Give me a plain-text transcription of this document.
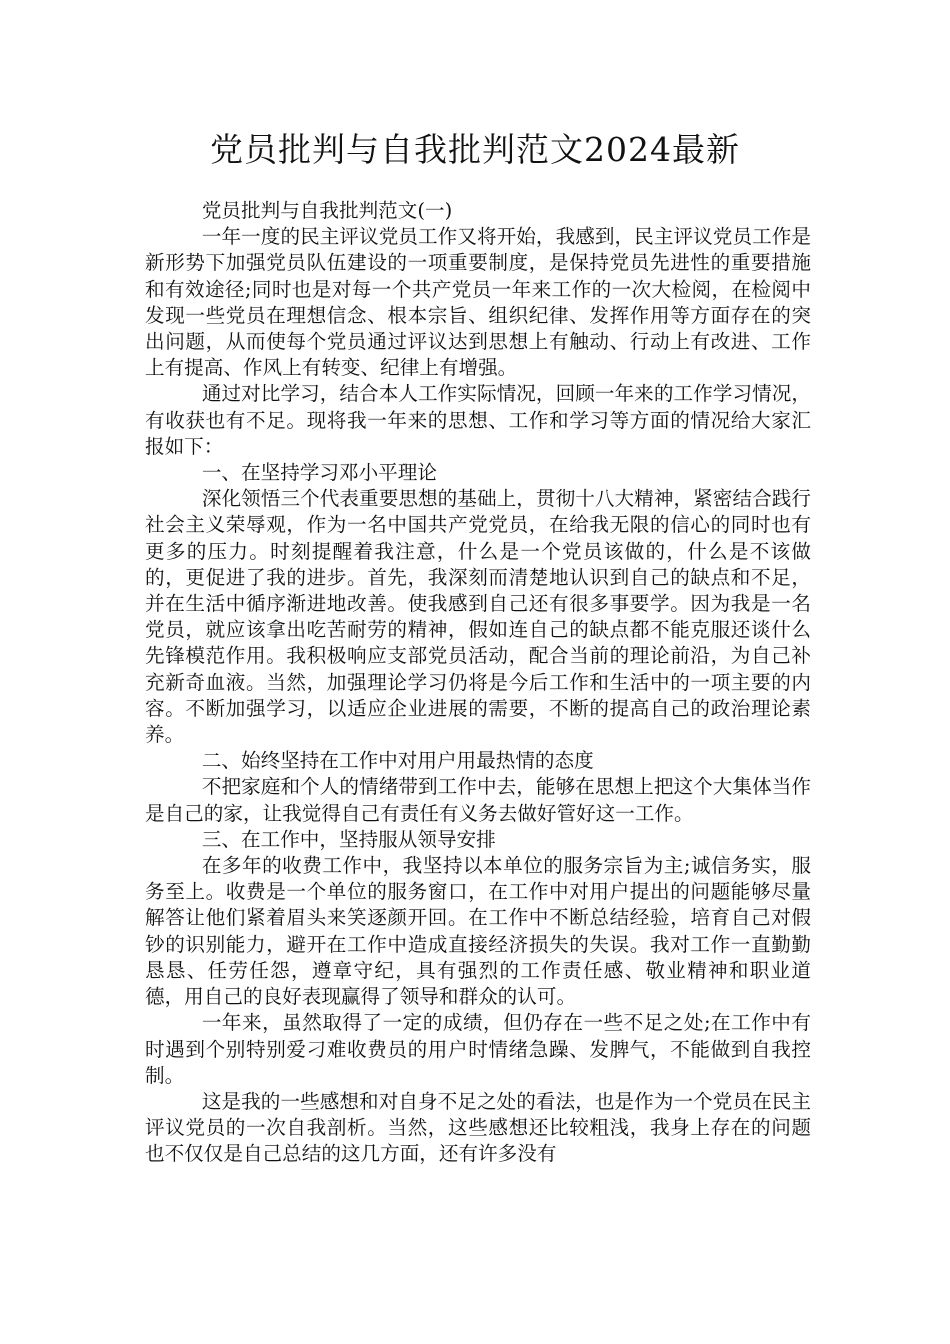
党员批判与自我批判范文2024最新

党员批判与自我批判范文(一)

一年一度的民主评议党员工作又将开始，我感到，民主评议党员工作是新形势下加强党员队伍建设的一项重要制度，是保持党员先进性的重要措施和有效途径;同时也是对每一个共产党员一年来工作的一次大检阅，在检阅中发现一些党员在理想信念、根本宗旨、组织纪律、发挥作用等方面存在的突出问题，从而使每个党员通过评议达到思想上有触动、行动上有改进、工作上有提高、作风上有转变、纪律上有增强。

通过对比学习，结合本人工作实际情况，回顾一年来的工作学习情况，有收获也有不足。现将我一年来的思想、工作和学习等方面的情况给大家汇报如下：

一、在坚持学习邓小平理论

深化领悟三个代表重要思想的基础上，贯彻十八大精神，紧密结合践行社会主义荣辱观，作为一名中国共产党党员，在给我无限的信心的同时也有更多的压力。时刻提醒着我注意，什么是一个党员该做的，什么是不该做的，更促进了我的进步。首先，我深刻而清楚地认识到自己的缺点和不足，并在生活中循序渐进地改善。使我感到自己还有很多事要学。因为我是一名党员，就应该拿出吃苦耐劳的精神，假如连自己的缺点都不能克服还谈什么先锋模范作用。我积极响应支部党员活动，配合当前的理论前沿，为自己补充新奇血液。当然，加强理论学习仍将是今后工作和生活中的一项主要的内容。不断加强学习，以适应企业进展的需要，不断的提高自己的政治理论素养。

二、始终坚持在工作中对用户用最热情的态度

不把家庭和个人的情绪带到工作中去，能够在思想上把这个大集体当作是自己的家，让我觉得自己有责任有义务去做好管好这一工作。

三、在工作中，坚持服从领导安排

在多年的收费工作中，我坚持以本单位的服务宗旨为主;诚信务实，服务至上。收费是一个单位的服务窗口，在工作中对用户提出的问题能够尽量解答让他们紧着眉头来笑逐颜开回。在工作中不断总结经验，培育自己对假钞的识别能力，避开在工作中造成直接经济损失的失误。我对工作一直勤勤恳恳、任劳任怨，遵章守纪，具有强烈的工作责任感、敬业精神和职业道德，用自己的良好表现赢得了领导和群众的认可。

一年来，虽然取得了一定的成绩，但仍存在一些不足之处;在工作中有时遇到个别特别爱刁难收费员的用户时情绪急躁、发脾气，不能做到自我控制。

这是我的一些感想和对自身不足之处的看法，也是作为一个党员在民主评议党员的一次自我剖析。当然，这些感想还比较粗浅，我身上存在的问题也不仅仅是自己总结的这几方面，还有许多没有
